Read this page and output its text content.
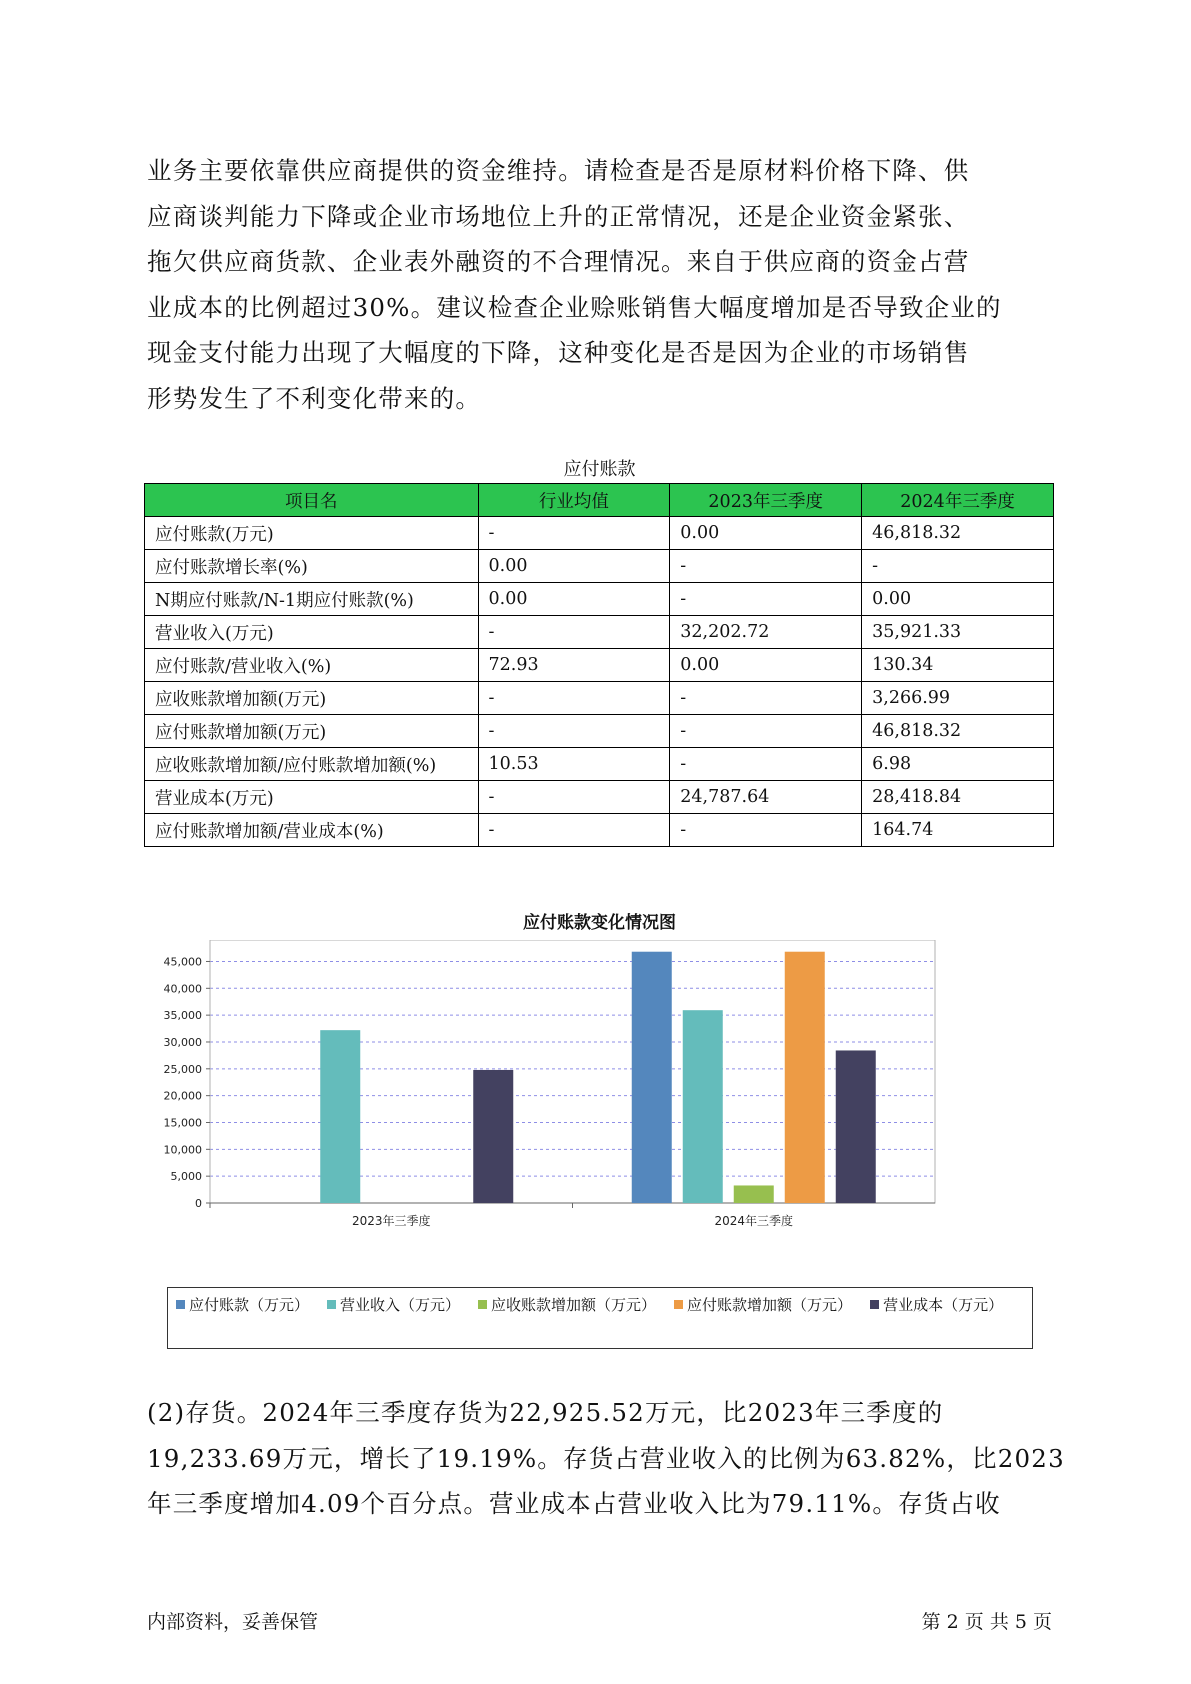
业务主要依靠供应商提供的资金维持。请检查是否是原材料价格下降、供
应商谈判能力下降或企业市场地位上升的正常情况，还是企业资金紧张、
拖欠供应商货款、企业表外融资的不合理情况。来自于供应商的资金占营
业成本的比例超过30%。建议检查企业赊账销售大幅度增加是否导致企业的
现金支付能力出现了大幅度的下降，这种变化是否是因为企业的市场销售
形势发生了不利变化带来的。
应付账款
项目名	行业均值	2023年三季度	2024年三季度
应付账款(万元)	-	0.00	46,818.32
应付账款增长率(%)	0.00	-	-
N期应付账款/N-1期应付账款(%)	0.00	-	0.00
营业收入(万元)	-	32,202.72	35,921.33
应付账款/营业收入(%)	72.93	0.00	130.34
应收账款增加额(万元)	-	-	3,266.99
应付账款增加额(万元)	-	-	46,818.32
应收账款增加额/应付账款增加额(%)	10.53	-	6.98
营业成本(万元)	-	24,787.64	28,418.84
应付账款增加额/营业成本(%)	-	-	164.74
应付账款变化情况图
0
5,000
10,000
15,000
20,000
25,000
30,000
35,000
40,000
45,000
2023年三季度	2024年三季度
应付账款（万元） 营业收入（万元） 应收账款增加额（万元） 应付账款增加额（万元） 营业成本（万元）
(2)存货。2024年三季度存货为22,925.52万元，比2023年三季度的
19,233.69万元，增长了19.19%。存货占营业收入的比例为63.82%，比2023
年三季度增加4.09个百分点。营业成本占营业收入比为79.11%。存货占收
内部资料，妥善保管	第 2 页 共 5 页
